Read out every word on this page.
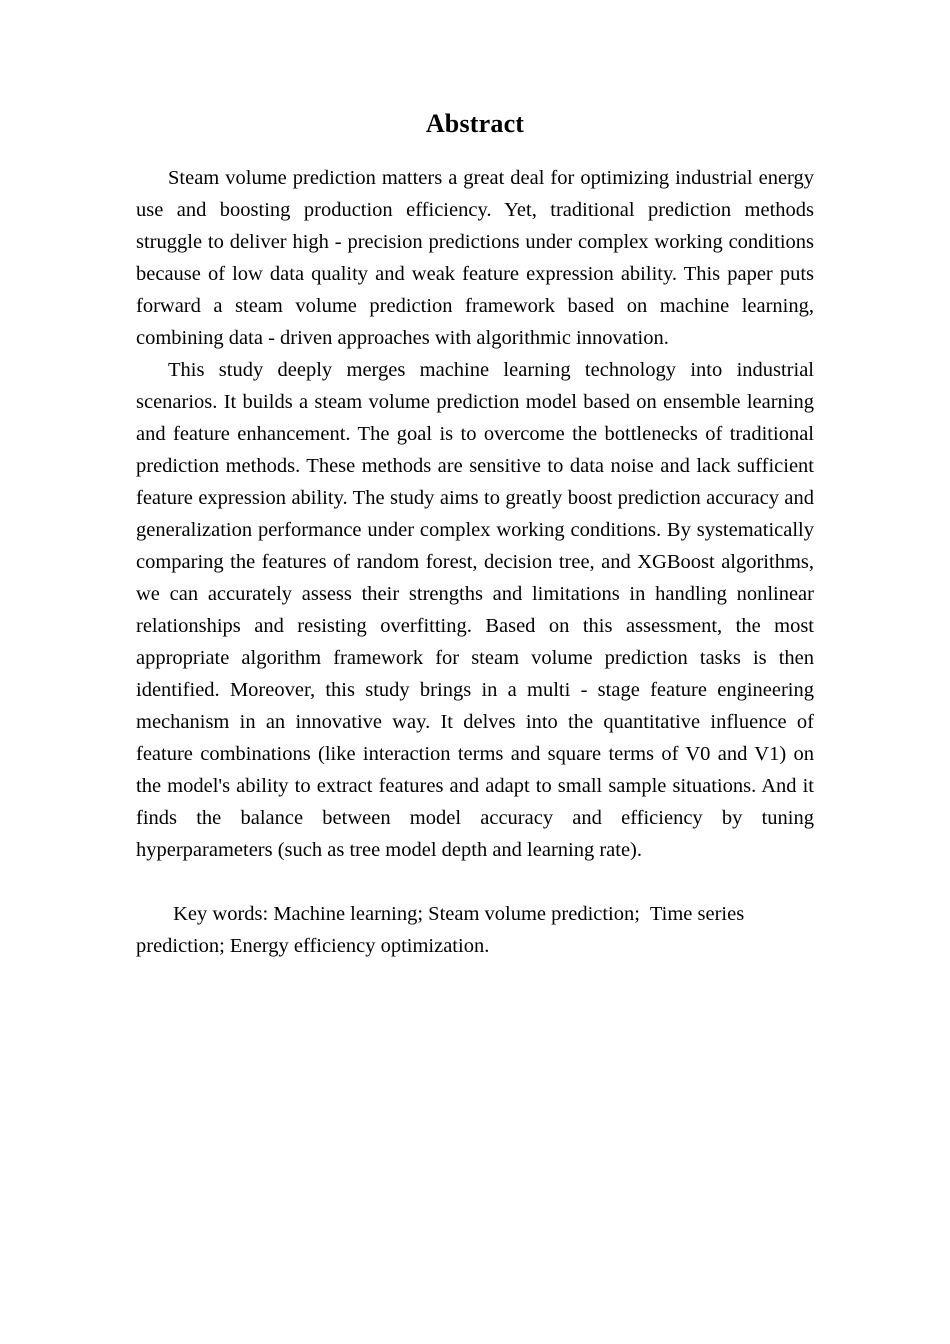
Abstract

Steam volume prediction matters a great deal for optimizing industrial energy use and boosting production efficiency. Yet, traditional prediction methods struggle to deliver high - precision predictions under complex working conditions because of low data quality and weak feature expression ability. This paper puts forward a steam volume prediction framework based on machine learning, combining data - driven approaches with algorithmic innovation.

This study deeply merges machine learning technology into industrial scenarios. It builds a steam volume prediction model based on ensemble learning and feature enhancement. The goal is to overcome the bottlenecks of traditional prediction methods. These methods are sensitive to data noise and lack sufficient feature expression ability. The study aims to greatly boost prediction accuracy and generalization performance under complex working conditions. By systematically comparing the features of random forest, decision tree, and XGBoost algorithms, we can accurately assess their strengths and limitations in handling nonlinear relationships and resisting overfitting. Based on this assessment, the most appropriate algorithm framework for steam volume prediction tasks is then identified. Moreover, this study brings in a multi - stage feature engineering mechanism in an innovative way. It delves into the quantitative influence of feature combinations (like interaction terms and square terms of V0 and V1) on the model's ability to extract features and adapt to small sample situations. And it finds the balance between model accuracy and efficiency by tuning hyperparameters (such as tree model depth and learning rate).

Key words: Machine learning; Steam volume prediction;  Time series prediction; Energy efficiency optimization.
